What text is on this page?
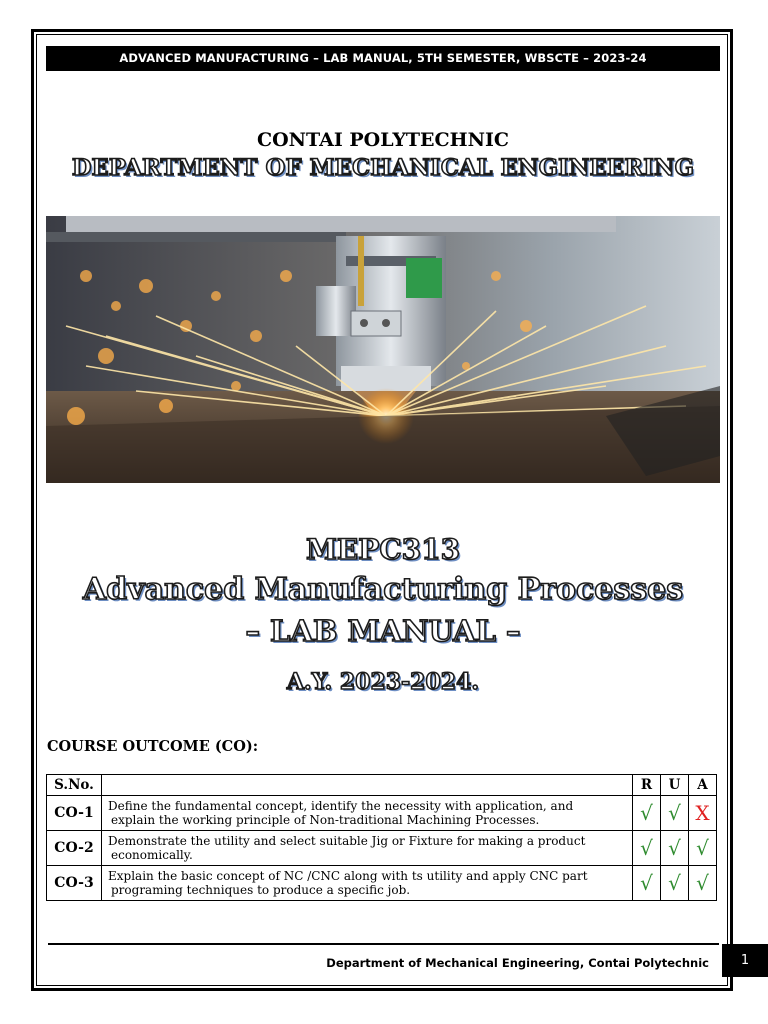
ADVANCED MANUFACTURING – LAB MANUAL, 5TH SEMESTER, WBSCTE – 2023-24
CONTAI POLYTECHNIC
DEPARTMENT OF MECHANICAL ENGINEERING
MEPC313
Advanced Manufacturing Processes
– LAB MANUAL –
A.Y. 2023-2024.
COURSE OUTCOME (CO):
S.No.		R	U	A
CO-1	Define the fundamental concept, identify the necessity with application, and
explain the working principle of Non-traditional Machining Processes.	√	√	X
CO-2	Demonstrate the utility and select suitable Jig or Fixture for making a product
economically.	√	√	√
CO-3	Explain the basic concept of NC /CNC along with ts utility and apply CNC part
programing techniques to produce a specific job.	√	√	√
Department of Mechanical Engineering, Contai Polytechnic	1
